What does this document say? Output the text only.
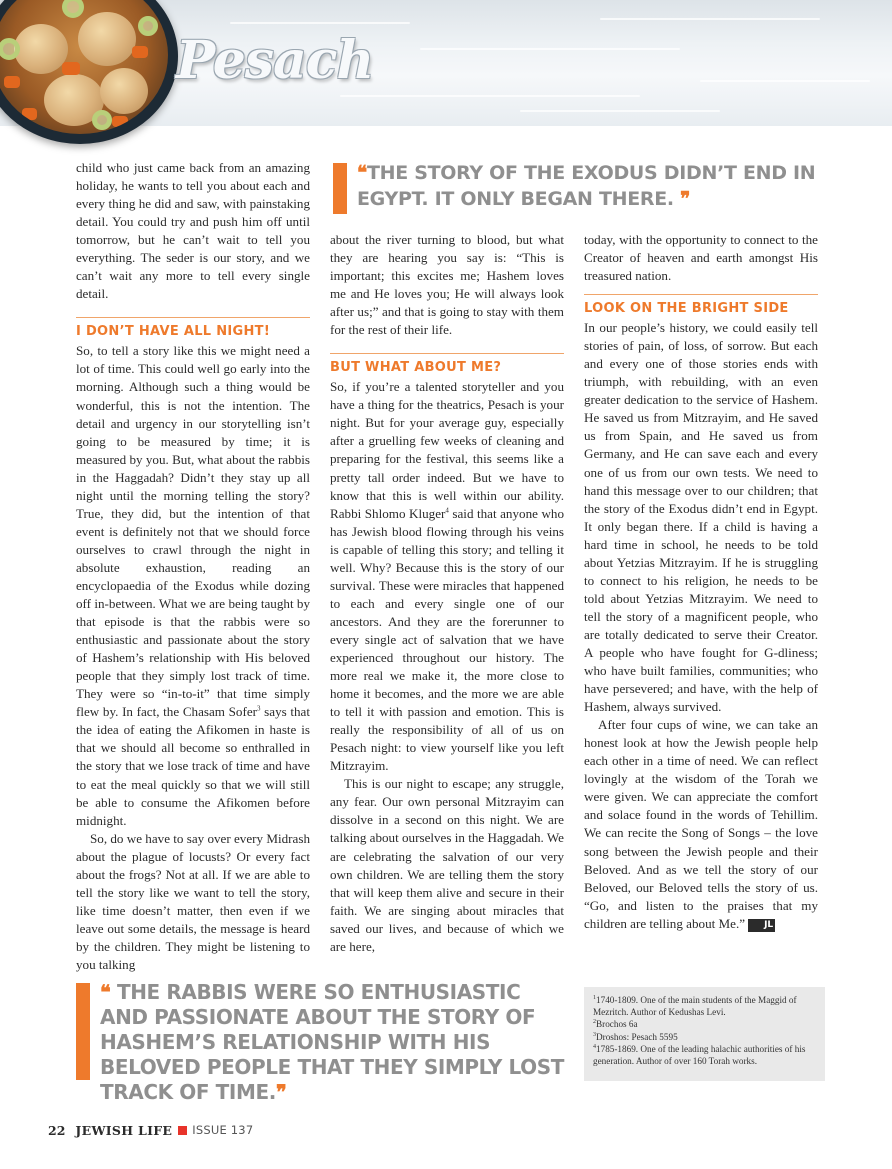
Pesach
❝THE STORY OF THE EXODUS DIDN’T END IN EGYPT. IT ONLY BEGAN THERE. ❞

child who just came back from an amazing holiday, he wants to tell you about each and every thing he did and saw, with painstaking detail. You could try and push him off until tomorrow, but he can’t wait to tell you everything. The seder is our story, and we can’t wait any more to tell every single detail.

I DON’T HAVE ALL NIGHT!

So, to tell a story like this we might need a lot of time. This could well go early into the morning. Although such a thing would be wonderful, this is not the intention. The detail and urgency in our storytelling isn’t going to be measured by time; it is measured by you. But, what about the rabbis in the Haggadah? Didn’t they stay up all night until the morning telling the story? True, they did, but the intention of that event is definitely not that we should force ourselves to crawl through the night in absolute exhaustion, reading an encyclopaedia of the Exodus while dozing off in-between. What we are being taught by that episode is that the rabbis were so enthusiastic and passionate about the story of Hashem’s relationship with His beloved people that they simply lost track of time. They were so “in-to-it” that time simply flew by. In fact, the Chasam Sofer$^3$ says that the idea of eating the Afikomen in haste is that we should all become so enthralled in the story that we lose track of time and have to eat the meal quickly so that we will still be able to consume the Afikomen before midnight.

So, do we have to say over every Midrash about the plague of locusts? Or every fact about the frogs? Not at all. If we are able to tell the story like we want to tell the story, like time doesn’t matter, then even if we leave out some details, the message is heard by the children. They might be listening to you talking

about the river turning to blood, but what they are hearing you say is: “This is important; this excites me; Hashem loves me and He loves you; He will always look after us;” and that is going to stay with them for the rest of their life.

BUT WHAT ABOUT ME?

So, if you’re a talented storyteller and you have a thing for the theatrics, Pesach is your night. But for your average guy, especially after a gruelling few weeks of cleaning and preparing for the festival, this seems like a pretty tall order indeed. But we have to know that this is well within our ability. Rabbi Shlomo Kluger$^4$ said that anyone who has Jewish blood flowing through his veins is capable of telling this story; and telling it well. Why? Because this is the story of our survival. These were miracles that happened to each and every single one of our ancestors. And they are the forerunner to every single act of salvation that we have experienced throughout our history. The more real we make it, the more close to home it becomes, and the more we are able to tell it with passion and emotion. This is really the responsibility of all of us on Pesach night: to view yourself like you left Mitzrayim.

This is our night to escape; any struggle, any fear. Our own personal Mitzrayim can dissolve in a second on this night. We are talking about ourselves in the Haggadah. We are celebrating the salvation of our very own children. We are telling them the story that will keep them alive and secure in their faith. We are singing about miracles that saved our lives, and because of which we are here,

today, with the opportunity to connect to the Creator of heaven and earth amongst His treasured nation.

LOOK ON THE BRIGHT SIDE

In our people’s history, we could easily tell stories of pain, of loss, of sorrow. But each and every one of those stories ends with triumph, with rebuilding, with an even greater dedication to the service of Hashem. He saved us from Mitzrayim, and He saved us from Spain, and He saved us from Germany, and He can save each and every one of us from our own tests. We need to hand this message over to our children; that the story of the Exodus didn’t end in Egypt. It only began there. If a child is having a hard time in school, he needs to be told about Yetzias Mitzrayim. If he is struggling to connect to his religion, he needs to be told about Yetzias Mitzrayim. We need to tell the story of a magnificent people, who are totally dedicated to serve their Creator. A people who have fought for G-dliness; who have built families, communities; who have persevered; and have, with the help of Hashem, always survived.

After four cups of wine, we can take an honest look at how the Jewish people help each other in a time of need. We can reflect lovingly at the wisdom of the Torah we were given. We can appreciate the comfort and solace found in the words of Tehillim. We can recite the Song of Songs – the love song between the Jewish people and their Beloved. And as we tell the story of our Beloved, our Beloved tells the story of us. “Go, and listen to the praises that my children are telling about Me.” JL

❝ THE RABBIS WERE SO ENTHUSIASTIC AND PASSIONATE ABOUT THE STORY OF HASHEM’S RELATIONSHIP WITH HIS BELOVED PEOPLE THAT THEY SIMPLY LOST TRACK OF TIME.❞

$^1$1740-1809. One of the main students of the Maggid of Mezritch. Author of Kedushas Levi.

$^2$Brochos 6a

$^3$Droshos: Pesach 5595

$^4$1785-1869. One of the leading halachic authorities of his generation. Author of over 160 Torah works.

22 JEWISH LIFE ISSUE 137
